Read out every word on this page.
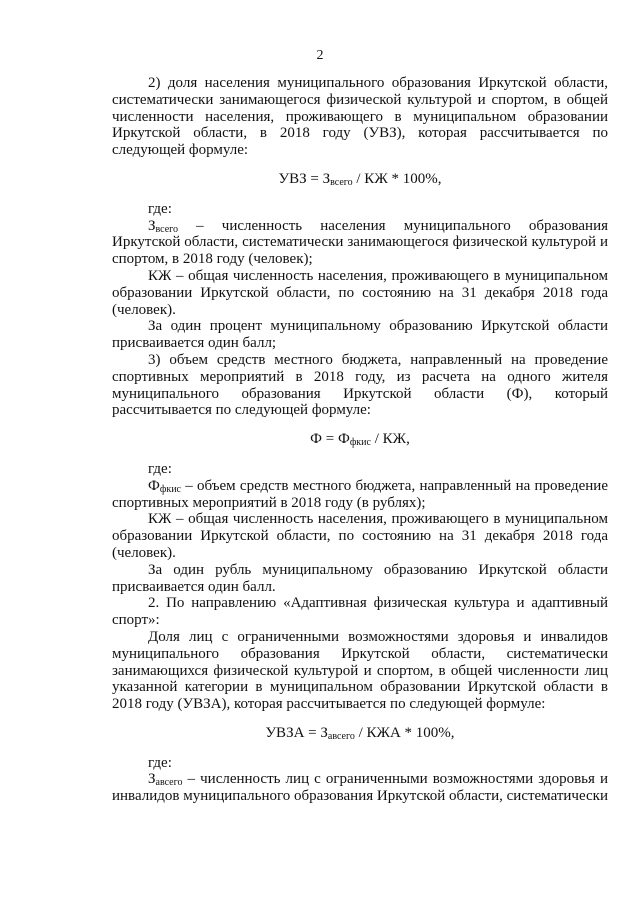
2

2) доля населения муниципального образования Иркутской области, систематически занимающегося физической культурой и спортом, в общей численности населения, проживающего в муниципальном образовании Иркутской области, в 2018 году (УВЗ), которая рассчитывается по следующей формуле:

УВЗ = $З_{всего}$ / КЖ * 100%,

где:

$З_{всего}$ – численность населения муниципального образования Иркутской области, систематически занимающегося физической культурой и спортом, в 2018 году (человек);

КЖ – общая численность населения, проживающего в муниципальном образовании Иркутской области, по состоянию на 31 декабря 2018 года (человек).

За один процент муниципальному образованию Иркутской области присваивается один балл;

3) объем средств местного бюджета, направленный на проведение спортивных мероприятий в 2018 году, из расчета на одного жителя муниципального образования Иркутской области (Ф), который рассчитывается по следующей формуле:

$Ф = Ф_{фкис}$ / КЖ,

где:

$Ф_{фкис}$ – объем средств местного бюджета, направленный на проведение спортивных мероприятий в 2018 году (в рублях);

КЖ – общая численность населения, проживающего в муниципальном образовании Иркутской области, по состоянию на 31 декабря 2018 года (человек).

За один рубль муниципальному образованию Иркутской области присваивается один балл.

2. По направлению «Адаптивная физическая культура и адаптивный спорт»:

Доля лиц с ограниченными возможностями здоровья и инвалидов муниципального образования Иркутской области, систематически занимающихся физической культурой и спортом, в общей численности лиц указанной категории в муниципальном образовании Иркутской области в 2018 году (УВЗА), которая рассчитывается по следующей формуле:

УВЗА = $З_{авсего}$ / КЖА * 100%,

где:

$З_{авсего}$ – численность лиц с ограниченными возможностями здоровья и инвалидов муниципального образования Иркутской области, систематически
